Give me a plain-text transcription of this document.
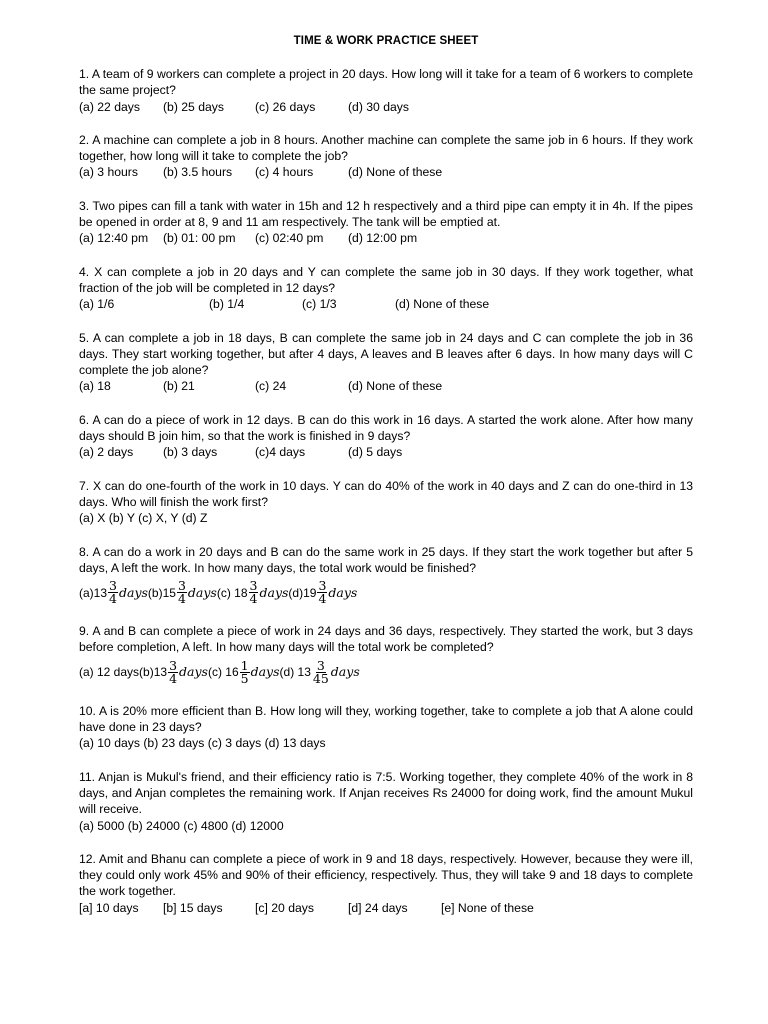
TIME & WORK PRACTICE SHEET

1. A team of 9 workers can complete a project in 20 days. How long will it take for a team of 6 workers to complete the same project?

(a) 22 days (b) 25 days	(c) 26 days	(d) 30 days

2. A machine can complete a job in 8 hours. Another machine can complete the same job in 6 hours. If they work together, how long will it take to complete the job?

(a) 3 hours (b) 3.5 hours (c) 4 hours	(d) None of these

3. Two pipes can fill a tank with water in 15h and 12 h respectively and a third pipe can empty it in 4h. If the pipes be opened in order at 8, 9 and 11 am respectively. The tank will be emptied at.

(a) 12:40 pm (b) 01: 00 pm (c) 02:40 pm (d) 12:00 pm

4. X can complete a job in 20 days and Y can complete the same job in 30 days. If they work together, what fraction of the job will be completed in 12 days?

(a) 1/6	(b) 1/4	(c) 1/3	(d) None of these

5. A can complete a job in 18 days, B can complete the same job in 24 days and C can complete the job in 36 days. They start working together, but after 4 days, A leaves and B leaves after 6 days. In how many days will C complete the job alone?

(a) 18	(b) 21	(c) 24	(d) None of these

6. A can do a piece of work in 12 days. B can do this work in 16 days. A started the work alone. After how many days should B join him, so that the work is finished in 9 days?

(a) 2 days (b) 3 days	(c)4 days	(d) 5 days

7. X can do one-fourth of the work in 10 days. Y can do 40% of the work in 40 days and Z can do one-third in 13 days. Who will finish the work first?

(a) X (b) Y (c) X, Y (d) Z

8. A can do a work in 20 days and B can do the same work in 25 days. If they start the work together but after 5 days, A left the work. In how many days, the total work would be finished?

(a) $13 \frac{3}{4}$ days (b) $15 \frac{3}{4}$ days (c) $18 \frac{3}{4}$ days (d) $19 \frac{3}{4}$ days

9. A and B can complete a piece of work in 24 days and 36 days, respectively. They started the work, but 3 days before completion, A left. In how many days will the total work be completed?

(a) 12 days (b) $13 \frac{3}{4}$ days (c) $16 \frac{1}{5}$ days (d) $13 \frac{3}{45}$ days

10. A is 20% more efficient than B. How long will they, working together, take to complete a job that A alone could have done in 23 days?

(a) 10 days (b) 23 days (c) 3 days (d) 13 days

11. Anjan is Mukul's friend, and their efficiency ratio is 7:5. Working together, they complete 40% of the work in 8 days, and Anjan completes the remaining work. If Anjan receives Rs 24000 for doing work, find the amount Mukul will receive.

(a) 5000 (b) 24000 (c) 4800 (d) 12000

12. Amit and Bhanu can complete a piece of work in 9 and 18 days, respectively. However, because they were ill, they could only work 45% and 90% of their efficiency, respectively. Thus, they will take 9 and 18 days to complete the work together.

[a] 10 days [b] 15 days	[c] 20 days	[d] 24 days	[e] None of these
